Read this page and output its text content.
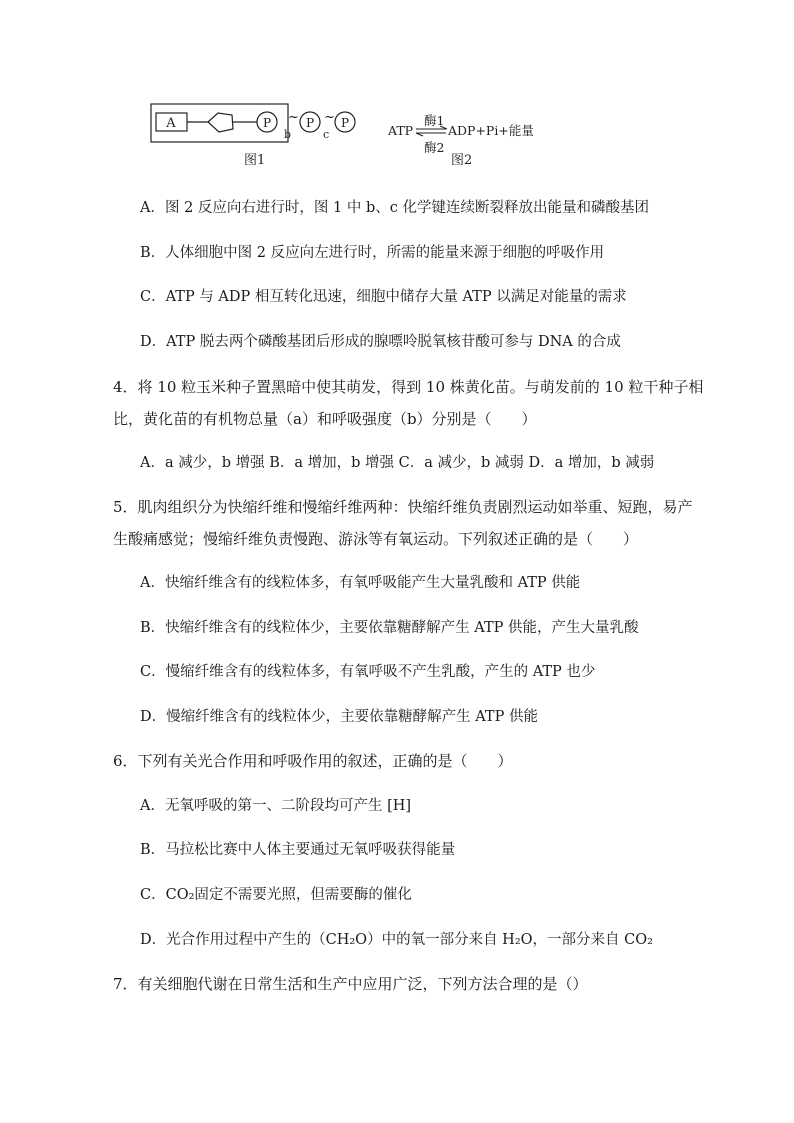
A	P ~
b
P ~
c
P
图1
ATP
酶1
ADP+Pi+能量
酶2
图2
A．图 2 反应向右进行时，图 1 中 b、c 化学键连续断裂释放出能量和磷酸基团
B．人体细胞中图 2 反应向左进行时，所需的能量来源于细胞的呼吸作用
C．ATP 与 ADP 相互转化迅速，细胞中储存大量 ATP 以满足对能量的需求
D．ATP 脱去两个磷酸基团后形成的腺嘌呤脱氧核苷酸可参与 DNA 的合成
4．将 10 粒玉米种子置黑暗中使其萌发，得到 10 株黄化苗。与萌发前的 10 粒干种子相
比，黄化苗的有机物总量（a）和呼吸强度（b）分别是（　　）
A．a 减少，b 增强 B．a 增加，b 增强 C．a 减少，b 减弱 D．a 增加，b 减弱
5．肌肉组织分为快缩纤维和慢缩纤维两种：快缩纤维负责剧烈运动如举重、短跑，易产
生酸痛感觉；慢缩纤维负责慢跑、游泳等有氧运动。下列叙述正确的是（　　）
A．快缩纤维含有的线粒体多，有氧呼吸能产生大量乳酸和 ATP 供能
B．快缩纤维含有的线粒体少，主要依靠糖酵解产生 ATP 供能，产生大量乳酸
C．慢缩纤维含有的线粒体多，有氧呼吸不产生乳酸，产生的 ATP 也少
D．慢缩纤维含有的线粒体少，主要依靠糖酵解产生 ATP 供能
6．下列有关光合作用和呼吸作用的叙述，正确的是（　　）
A．无氧呼吸的第一、二阶段均可产生 [H]
B．马拉松比赛中人体主要通过无氧呼吸获得能量
C．CO₂固定不需要光照，但需要酶的催化
D．光合作用过程中产生的（CH₂O）中的氧一部分来自 H₂O，一部分来自 CO₂
7．有关细胞代谢在日常生活和生产中应用广泛，下列方法合理的是（）
